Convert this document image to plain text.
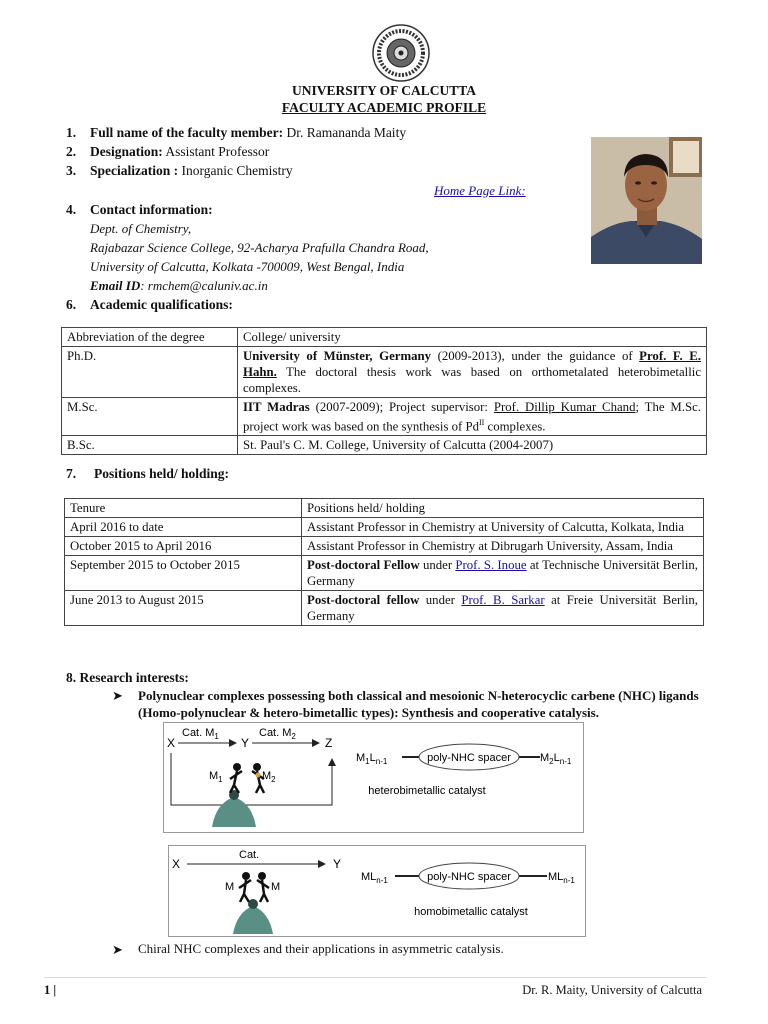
UNIVERSITY OF CALCUTTA
FACULTY ACADEMIC PROFILE
1. Full name of the faculty member: Dr. Ramananda Maity
2. Designation: Assistant Professor
3. Specialization : Inorganic Chemistry
Home Page Link:
4. Contact information:
Dept. of Chemistry,
Rajabazar Science College, 92-Acharya Prafulla Chandra Road,
University of Calcutta, Kolkata -700009, West Bengal, India
Email ID: rmchem@caluniv.ac.in
6. Academic qualifications:
Abbreviation of the degree	College/ university
Ph.D.	University of Münster, Germany (2009-2013), under the guidance of Prof. F. E. Hahn. The doctoral thesis work was based on orthometalated heterobimetallic complexes.
M.Sc.	IIT Madras (2007-2009); Project supervisor: Prof. Dillip Kumar Chand; The M.Sc. project work was based on the synthesis of $Pd^{II}$ complexes.
B.Sc.	St. Paul's C. M. College, University of Calcutta (2004-2007)
7. Positions held/ holding:
Tenure	Positions held/ holding
April 2016 to date	Assistant Professor in Chemistry at University of Calcutta, Kolkata, India
October 2015 to April 2016	Assistant Professor in Chemistry at Dibrugarh University, Assam, India
September 2015 to October 2015	Post-doctoral Fellow under Prof. S. Inoue at Technische Universität Berlin, Germany
June 2013 to August 2015	Post-doctoral fellow under Prof. B. Sarkar at Freie Universität Berlin, Germany
8. Research interests:
➤ Polynuclear complexes possessing both classical and mesoionic N-heterocyclic carbene (NHC) ligands (Homo-polynuclear & hetero-bimetallic types): Synthesis and cooperative catalysis.
X
Cat. $M_1$ Y
Cat. $M_2$ Z
$M_1$	$M_2$
$M_1L_{n-1}$	poly-NHC spacer	$M_2L_{n-1}$
heterobimetallic catalyst
X
Cat.
Y
M	M
$ML_{n-1}$	poly-NHC spacer	$ML_{n-1}$
homobimetallic catalyst
➤ Chiral NHC complexes and their applications in asymmetric catalysis.
1 |	Dr. R. Maity, University of Calcutta
